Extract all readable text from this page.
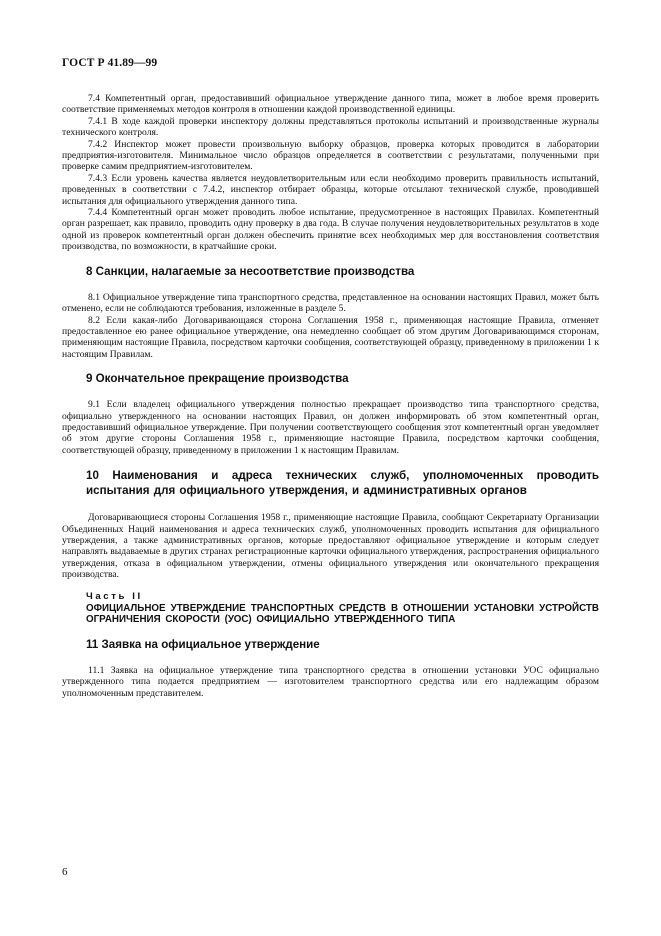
ГОСТ Р 41.89—99

7.4 Компетентный орган, предоставивший официальное утверждение данного типа, может в любое время проверить соответствие применяемых методов контроля в отношении каждой производственной единицы.

7.4.1 В ходе каждой проверки инспектору должны представляться протоколы испытаний и производственные журналы технического контроля.

7.4.2 Инспектор может провести произвольную выборку образцов, проверка которых проводится в лаборатории предприятия-изготовителя. Минимальное число образцов определяется в соответствии с результатами, полученными при проверке самим предприятием-изготовителем.

7.4.3 Если уровень качества является неудовлетворительным или если необходимо проверить правильность испытаний, проведенных в соответствии с 7.4.2, инспектор отбирает образцы, которые отсылают технической службе, проводившей испытания для официального утверждения данного типа.

7.4.4 Компетентный орган может проводить любое испытание, предусмотренное в настоящих Правилах. Компетентный орган разрешает, как правило, проводить одну проверку в два года. В случае получения неудовлетворительных результатов в ходе одной из проверок компетентный орган должен обеспечить принятие всех необходимых мер для восстановления соответствия производства, по возможности, в кратчайшие сроки.

8 Санкции, налагаемые за несоответствие производства

8.1 Официальное утверждение типа транспортного средства, представленное на основании настоящих Правил, может быть отменено, если не соблюдаются требования, изложенные в разделе 5.

8.2 Если какая-либо Договаривающаяся сторона Соглашения 1958 г., применяющая настоящие Правила, отменяет предоставленное ею ранее официальное утверждение, она немедленно сообщает об этом другим Договаривающимся сторонам, применяющим настоящие Правила, посредством карточки сообщения, соответствующей образцу, приведенному в приложении 1 к настоящим Правилам.

9 Окончательное прекращение производства

9.1 Если владелец официального утверждения полностью прекращает производство типа транспортного средства, официально утвержденного на основании настоящих Правил, он должен информировать об этом компетентный орган, предоставивший официальное утверждение. При получении соответствующего сообщения этот компетентный орган уведомляет об этом другие стороны Соглашения 1958 г., применяющие настоящие Правила, посредством карточки сообщения, соответствующей образцу, приведенному в приложении 1 к настоящим Правилам.

10 Наименования и адреса технических служб, уполномоченных проводить испытания для официального утверждения, и административных органов

Договаривающиеся стороны Соглашения 1958 г., применяющие настоящие Правила, сообщают Секретариату Организации Объединенных Наций наименования и адреса технических служб, уполномоченных проводить испытания для официального утверждения, а также административных органов, которые предоставляют официальное утверждение и которым следует направлять выдаваемые в других странах регистрационные карточки официального утверждения, распространения официального утверждения, отказа в официальном утверждении, отмены официального утверждения или окончательного прекращения производства.

Часть II
ОФИЦИАЛЬНОЕ УТВЕРЖДЕНИЕ ТРАНСПОРТНЫХ СРЕДСТВ В ОТНОШЕНИИ УСТАНОВКИ УСТРОЙСТВ ОГРАНИЧЕНИЯ СКОРОСТИ (УОС) ОФИЦИАЛЬНО УТВЕРЖДЕННОГО ТИПА
11 Заявка на официальное утверждение

11.1 Заявка на официальное утверждение типа транспортного средства в отношении установки УОС официально утвержденного типа подается предприятием — изготовителем транспортного средства или его надлежащим образом уполномоченным представителем.

6
